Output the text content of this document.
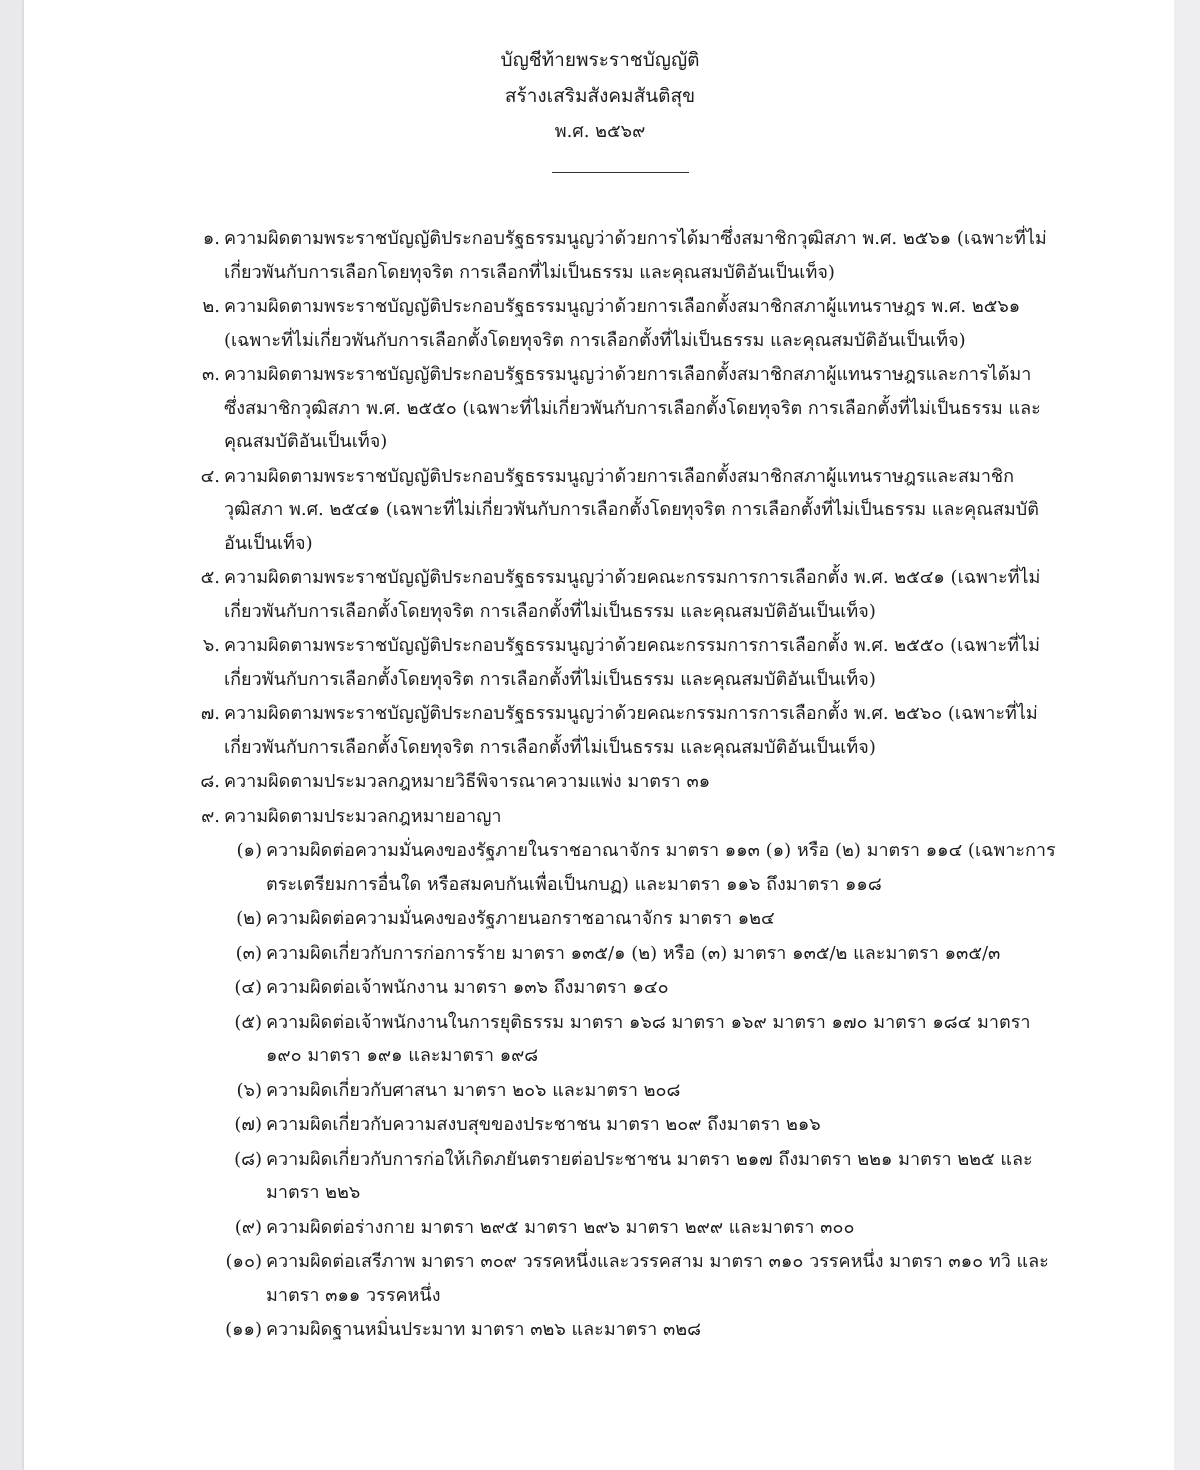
บัญชีท้ายพระราชบัญญัติ
สร้างเสริมสังคมสันติสุข
พ.ศ. ๒๕๖๙
๑. ความผิดตามพระราชบัญญัติประกอบรัฐธรรมนูญว่าด้วยการได้มาซึ่งสมาชิกวุฒิสภา พ.ศ. ๒๕๖๑ (เฉพาะที่ไม่เกี่ยวพันกับการเลือกโดยทุจริต การเลือกที่ไม่เป็นธรรม และคุณสมบัติอันเป็นเท็จ)
๒. ความผิดตามพระราชบัญญัติประกอบรัฐธรรมนูญว่าด้วยการเลือกตั้งสมาชิกสภาผู้แทนราษฎร พ.ศ. ๒๕๖๑ (เฉพาะที่ไม่เกี่ยวพันกับการเลือกตั้งโดยทุจริต การเลือกตั้งที่ไม่เป็นธรรม และคุณสมบัติอันเป็นเท็จ)
๓. ความผิดตามพระราชบัญญัติประกอบรัฐธรรมนูญว่าด้วยการเลือกตั้งสมาชิกสภาผู้แทนราษฎรและการได้มาซึ่งสมาชิกวุฒิสภา พ.ศ. ๒๕๕๐ (เฉพาะที่ไม่เกี่ยวพันกับการเลือกตั้งโดยทุจริต การเลือกตั้งที่ไม่เป็นธรรม และคุณสมบัติอันเป็นเท็จ)
๔. ความผิดตามพระราชบัญญัติประกอบรัฐธรรมนูญว่าด้วยการเลือกตั้งสมาชิกสภาผู้แทนราษฎรและสมาชิกวุฒิสภา พ.ศ. ๒๕๔๑ (เฉพาะที่ไม่เกี่ยวพันกับการเลือกตั้งโดยทุจริต การเลือกตั้งที่ไม่เป็นธรรม และคุณสมบัติอันเป็นเท็จ)
๕. ความผิดตามพระราชบัญญัติประกอบรัฐธรรมนูญว่าด้วยคณะกรรมการการเลือกตั้ง พ.ศ. ๒๕๔๑ (เฉพาะที่ไม่เกี่ยวพันกับการเลือกตั้งโดยทุจริต การเลือกตั้งที่ไม่เป็นธรรม และคุณสมบัติอันเป็นเท็จ)
๖. ความผิดตามพระราชบัญญัติประกอบรัฐธรรมนูญว่าด้วยคณะกรรมการการเลือกตั้ง พ.ศ. ๒๕๕๐ (เฉพาะที่ไม่เกี่ยวพันกับการเลือกตั้งโดยทุจริต การเลือกตั้งที่ไม่เป็นธรรม และคุณสมบัติอันเป็นเท็จ)
๗. ความผิดตามพระราชบัญญัติประกอบรัฐธรรมนูญว่าด้วยคณะกรรมการการเลือกตั้ง พ.ศ. ๒๕๖๐ (เฉพาะที่ไม่เกี่ยวพันกับการเลือกตั้งโดยทุจริต การเลือกตั้งที่ไม่เป็นธรรม และคุณสมบัติอันเป็นเท็จ)
๘. ความผิดตามประมวลกฎหมายวิธีพิจารณาความแพ่ง มาตรา ๓๑
๙. ความผิดตามประมวลกฎหมายอาญา
(๑) ความผิดต่อความมั่นคงของรัฐภายในราชอาณาจักร มาตรา ๑๑๓ (๑) หรือ (๒) มาตรา ๑๑๔ (เฉพาะการตระเตรียมการอื่นใด หรือสมคบกันเพื่อเป็นกบฏ) และมาตรา ๑๑๖ ถึงมาตรา ๑๑๘
(๒) ความผิดต่อความมั่นคงของรัฐภายนอกราชอาณาจักร มาตรา ๑๒๔
(๓) ความผิดเกี่ยวกับการก่อการร้าย มาตรา ๑๓๕/๑ (๒) หรือ (๓) มาตรา ๑๓๕/๒ และมาตรา ๑๓๕/๓
(๔) ความผิดต่อเจ้าพนักงาน มาตรา ๑๓๖ ถึงมาตรา ๑๔๐
(๕) ความผิดต่อเจ้าพนักงานในการยุติธรรม มาตรา ๑๖๘ มาตรา ๑๖๙ มาตรา ๑๗๐ มาตรา ๑๘๔ มาตรา ๑๙๐ มาตรา ๑๙๑ และมาตรา ๑๙๘
(๖) ความผิดเกี่ยวกับศาสนา มาตรา ๒๐๖ และมาตรา ๒๐๘
(๗) ความผิดเกี่ยวกับความสงบสุขของประชาชน มาตรา ๒๐๙ ถึงมาตรา ๒๑๖
(๘) ความผิดเกี่ยวกับการก่อให้เกิดภยันตรายต่อประชาชน มาตรา ๒๑๗ ถึงมาตรา ๒๒๑ มาตรา ๒๒๕ และมาตรา ๒๒๖
(๙) ความผิดต่อร่างกาย มาตรา ๒๙๕ มาตรา ๒๙๖ มาตรา ๒๙๙ และมาตรา ๓๐๐
(๑๐) ความผิดต่อเสรีภาพ มาตรา ๓๐๙ วรรคหนึ่งและวรรคสาม มาตรา ๓๑๐ วรรคหนึ่ง มาตรา ๓๑๐ ทวิ และมาตรา ๓๑๑ วรรคหนึ่ง
(๑๑) ความผิดฐานหมิ่นประมาท มาตรา ๓๒๖ และมาตรา ๓๒๘
